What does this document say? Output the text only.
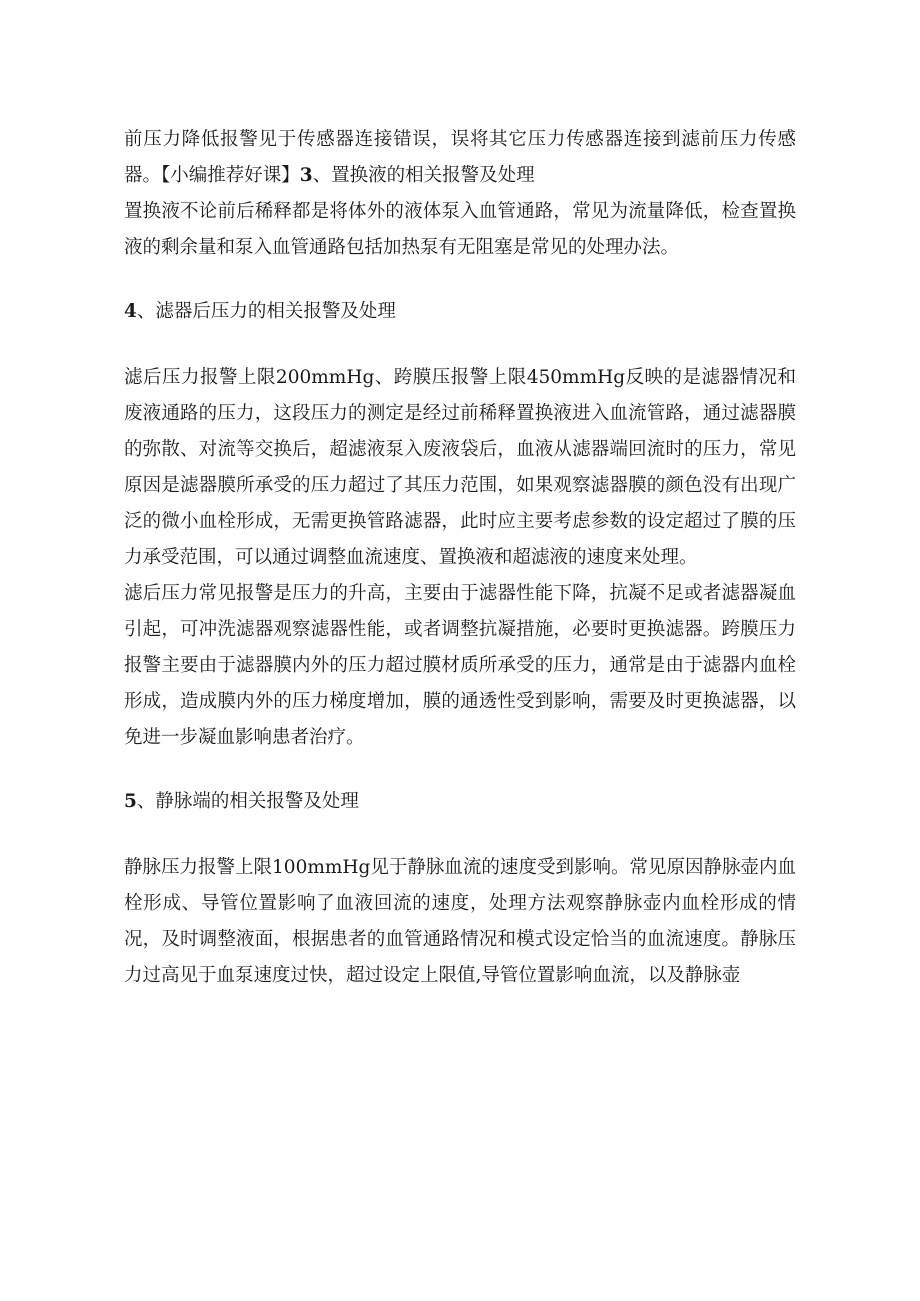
前压力降低报警见于传感器连接错误，误将其它压力传感器连接到滤前压力传感器。【小编推荐好课】3、置换液的相关报警及处理

置换液不论前后稀释都是将体外的液体泵入血管通路，常见为流量降低，检查置换液的剩余量和泵入血管通路包括加热泵有无阻塞是常见的处理办法。

4、滤器后压力的相关报警及处理

滤后压力报警上限200mmHg、跨膜压报警上限450mmHg反映的是滤器情况和废液通路的压力，这段压力的测定是经过前稀释置换液进入血流管路，通过滤器膜的弥散、对流等交换后，超滤液泵入废液袋后，血液从滤器端回流时的压力，常见原因是滤器膜所承受的压力超过了其压力范围，如果观察滤器膜的颜色没有出现广泛的微小血栓形成，无需更换管路滤器，此时应主要考虑参数的设定超过了膜的压力承受范围，可以通过调整血流速度、置换液和超滤液的速度来处理。

滤后压力常见报警是压力的升高，主要由于滤器性能下降，抗凝不足或者滤器凝血引起，可冲洗滤器观察滤器性能，或者调整抗凝措施，必要时更换滤器。跨膜压力报警主要由于滤器膜内外的压力超过膜材质所承受的压力，通常是由于滤器内血栓形成，造成膜内外的压力梯度增加，膜的通透性受到影响，需要及时更换滤器，以免进一步凝血影响患者治疗。

5、静脉端的相关报警及处理

静脉压力报警上限100mmHg见于静脉血流的速度受到影响。常见原因静脉壶内血栓形成、导管位置影响了血液回流的速度，处理方法观察静脉壶内血栓形成的情况，及时调整液面，根据患者的血管通路情况和模式设定恰当的血流速度。静脉压力过高见于血泵速度过快，超过设定上限值,导管位置影响血流，以及静脉壶
